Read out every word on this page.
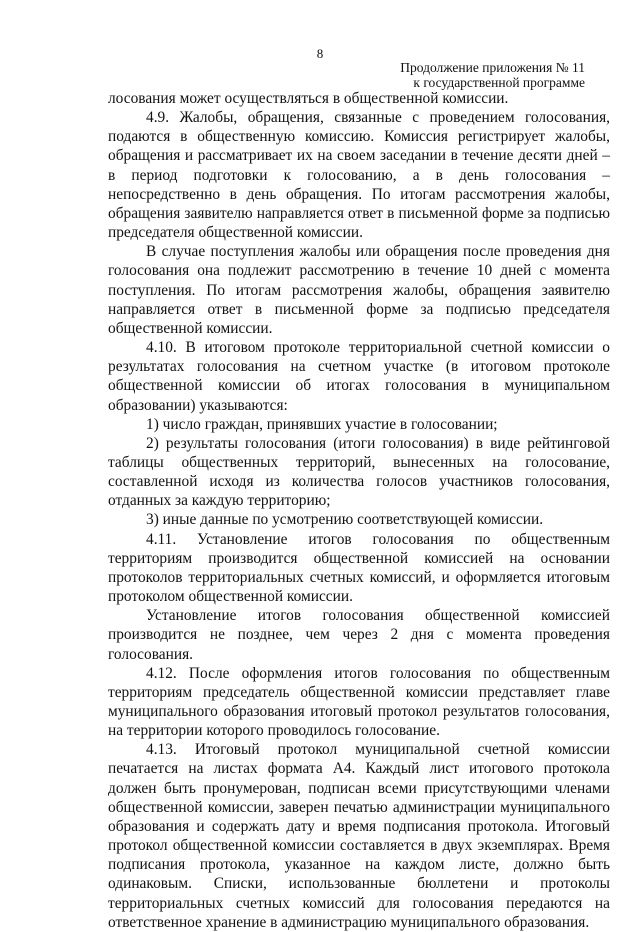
8
Продолжение приложения № 11
к государственной программе

лосования может осуществляться в общественной комиссии.

4.9. Жалобы, обращения, связанные с проведением голосования, подаются в общественную комиссию. Комиссия регистрирует жалобы, обращения и рассматривает их на своем заседании в течение десяти дней – в период подготовки к голосованию, а в день голосования – непосредственно в день обращения. По итогам рассмотрения жалобы, обращения заявителю направляется ответ в письменной форме за подписью председателя общественной комиссии.

В случае поступления жалобы или обращения после проведения дня голосования она подлежит рассмотрению в течение 10 дней с момента поступления. По итогам рассмотрения жалобы, обращения заявителю направляется ответ в письменной форме за подписью председателя общественной комиссии.

4.10. В итоговом протоколе территориальной счетной комиссии о результатах голосования на счетном участке (в итоговом протоколе общественной комиссии об итогах голосования в муниципальном образовании) указываются:

1) число граждан, принявших участие в голосовании;

2) результаты голосования (итоги голосования) в виде рейтинговой таблицы общественных территорий, вынесенных на голосование, составленной исходя из количества голосов участников голосования, отданных за каждую территорию;

3) иные данные по усмотрению соответствующей комиссии.

4.11. Установление итогов голосования по общественным территориям производится общественной комиссией на основании протоколов территориальных счетных комиссий, и оформляется итоговым протоколом общественной комиссии.

Установление итогов голосования общественной комиссией производится не позднее, чем через 2 дня с момента проведения голосования.

4.12. После оформления итогов голосования по общественным территориям председатель общественной комиссии представляет главе муниципального образования итоговый протокол результатов голосования, на территории которого проводилось голосование.

4.13. Итоговый протокол муниципальной счетной комиссии печатается на листах формата А4. Каждый лист итогового протокола должен быть пронумерован, подписан всеми присутствующими членами общественной комиссии, заверен печатью администрации муниципального образования и содержать дату и время подписания протокола. Итоговый протокол общественной комиссии составляется в двух экземплярах. Время подписания протокола, указанное на каждом листе, должно быть одинаковым. Списки, использованные бюллетени и протоколы территориальных счетных комиссий для голосования передаются на ответственное хранение в администрацию муниципального образования.
